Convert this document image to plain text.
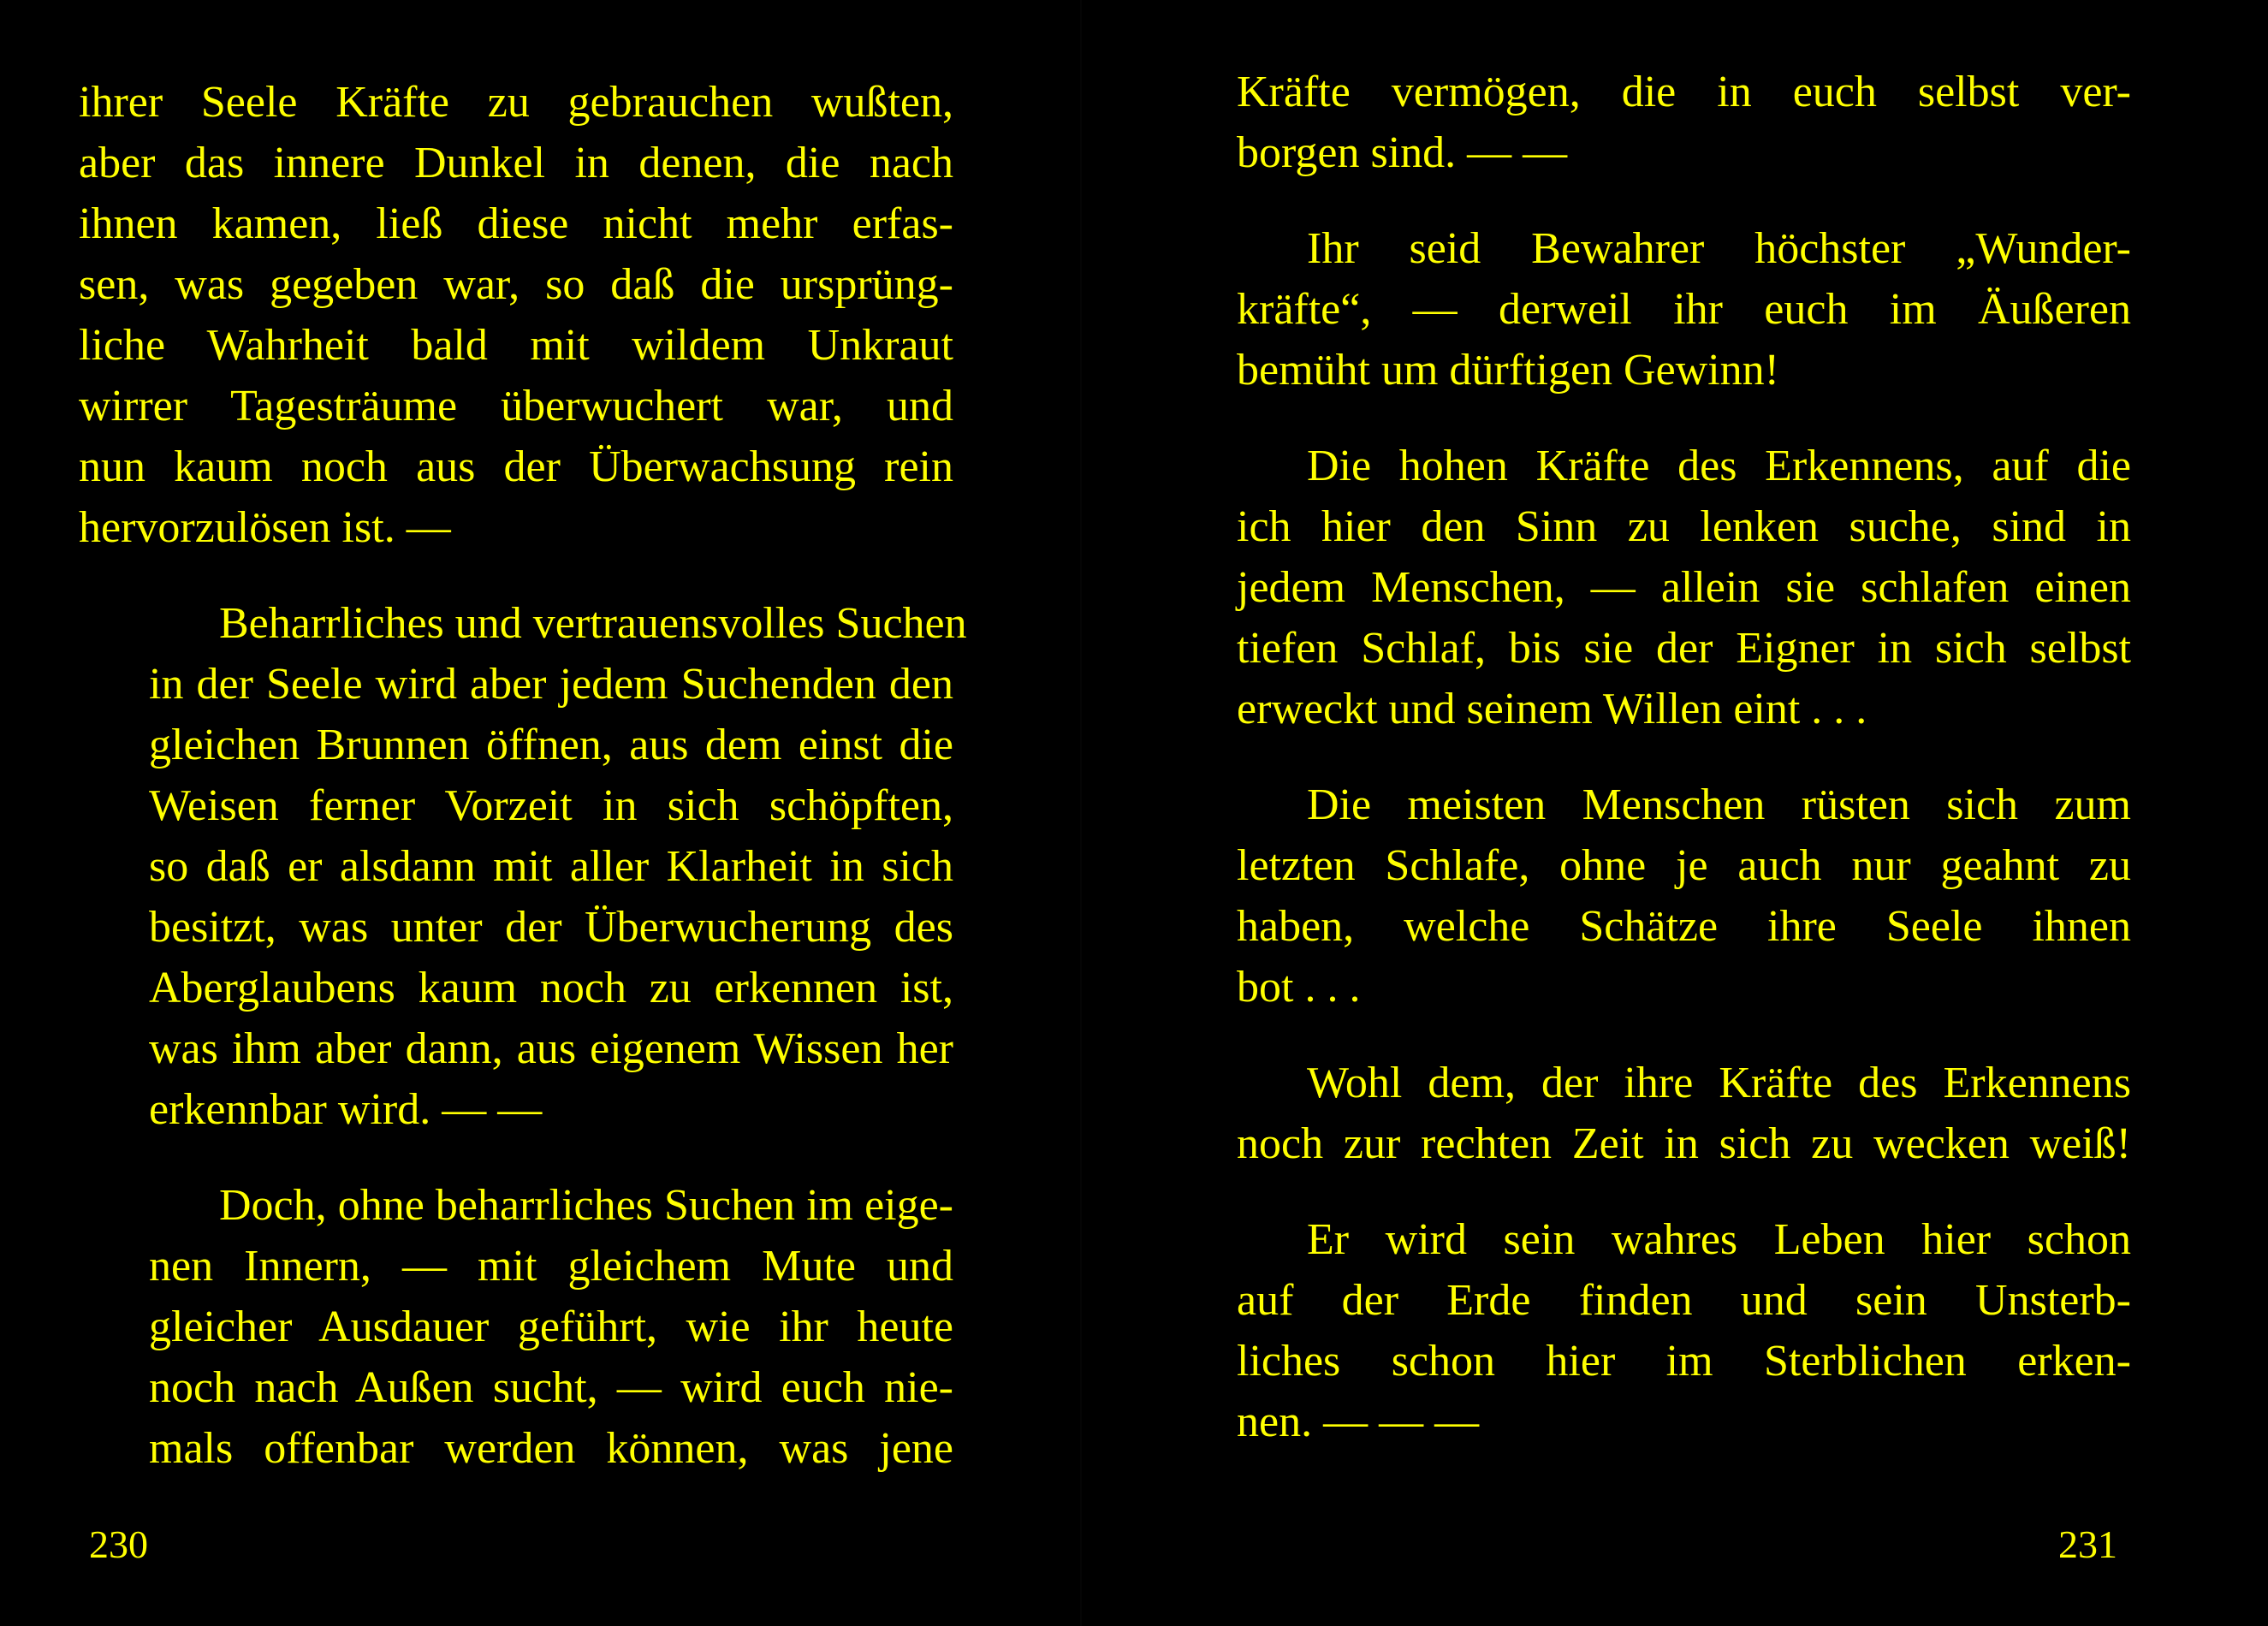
ihrer Seele Kräfte zu gebrauchen wußten,
aber das innere Dunkel in denen, die nach
ihnen kamen, ließ diese nicht mehr erfas-
sen, was gegeben war, so daß die ursprüng-
liche Wahrheit bald mit wildem Unkraut
wirrer Tagesträume überwuchert war, und
nun kaum noch aus der Überwachsung rein
hervorzulösen ist. —

Beharrliches und vertrauensvolles Suchen
in der Seele wird aber jedem Suchenden den
gleichen Brunnen öffnen, aus dem einst die
Weisen ferner Vorzeit in sich schöpften,
so daß er alsdann mit aller Klarheit in sich
besitzt, was unter der Überwucherung des
Aberglaubens kaum noch zu erkennen ist,
was ihm aber dann, aus eigenem Wissen her
erkennbar wird. — —

Doch, ohne beharrliches Suchen im eige-
nen Innern, — mit gleichem Mute und
gleicher Ausdauer geführt, wie ihr heute
noch nach Außen sucht, — wird euch nie-
mals offenbar werden können, was jene

230

Kräfte vermögen, die in euch selbst ver-
borgen sind. — —

Ihr seid Bewahrer höchster „Wunder-
kräfte“, — derweil ihr euch im Äußeren
bemüht um dürftigen Gewinn!

Die hohen Kräfte des Erkennens, auf die
ich hier den Sinn zu lenken suche, sind in
jedem Menschen, — allein sie schlafen einen
tiefen Schlaf, bis sie der Eigner in sich selbst
erweckt und seinem Willen eint . . .

Die meisten Menschen rüsten sich zum
letzten Schlafe, ohne je auch nur geahnt zu
haben, welche Schätze ihre Seele ihnen
bot . . .

Wohl dem, der ihre Kräfte des Erkennens
noch zur rechten Zeit in sich zu wecken weiß!

Er wird sein wahres Leben hier schon
auf der Erde finden und sein Unsterb-
liches schon hier im Sterblichen erken-
nen. — — —

231
